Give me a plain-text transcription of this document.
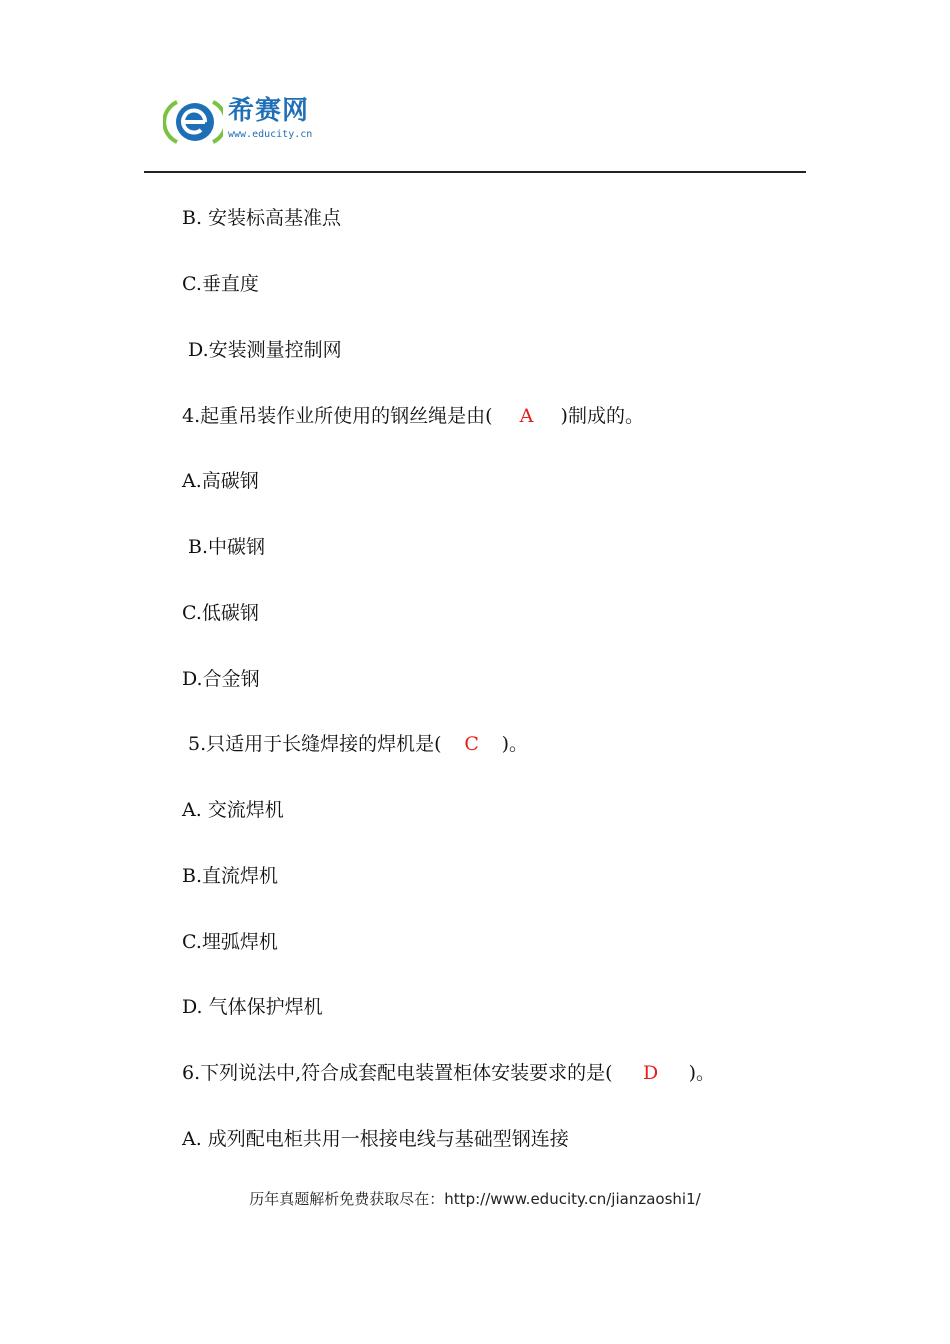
希赛网
www.educity.cn
B. 安装标高基准点
C.垂直度
D.安装测量控制网
4.起重吊装作业所使用的钢丝绳是由( A )制成的。
A.高碳钢
B.中碳钢
C.低碳钢
D.合金钢
5.只适用于长缝焊接的焊机是( C )。
A. 交流焊机
B.直流焊机
C.埋弧焊机
D. 气体保护焊机
6.下列说法中,符合成套配电装置柜体安装要求的是( D )。
A. 成列配电柜共用一根接电线与基础型钢连接
历年真题解析免费获取尽在：http://www.educity.cn/jianzaoshi1/
